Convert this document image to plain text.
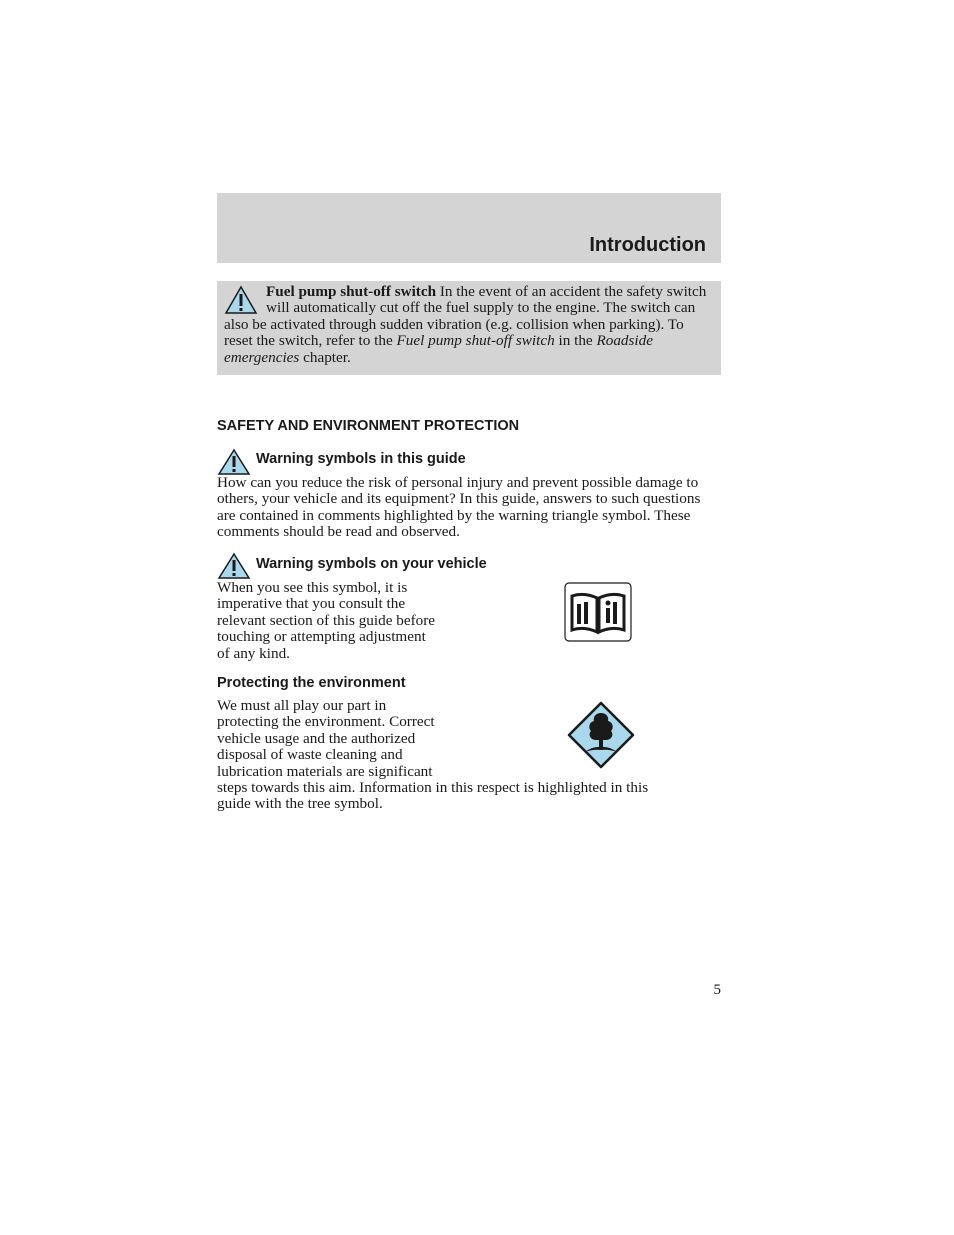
Introduction
Fuel pump shut-off switch In the event of an accident the safety switch will automatically cut off the fuel supply to the engine. The switch can also be activated through sudden vibration (e.g. collision when parking). To reset the switch, refer to the Fuel pump shut-off switch in the Roadside emergencies chapter.
SAFETY AND ENVIRONMENT PROTECTION
Warning symbols in this guide
How can you reduce the risk of personal injury and prevent possible damage to others, your vehicle and its equipment? In this guide, answers to such questions are contained in comments highlighted by the warning triangle symbol. These comments should be read and observed.
Warning symbols on your vehicle
When you see this symbol, it is
imperative that you consult the
relevant section of this guide before
touching or attempting adjustment
of any kind.
Protecting the environment
We must all play our part in
protecting the environment. Correct
vehicle usage and the authorized
disposal of waste cleaning and
lubrication materials are significant
steps towards this aim. Information in this respect is highlighted in this
guide with the tree symbol.
5
